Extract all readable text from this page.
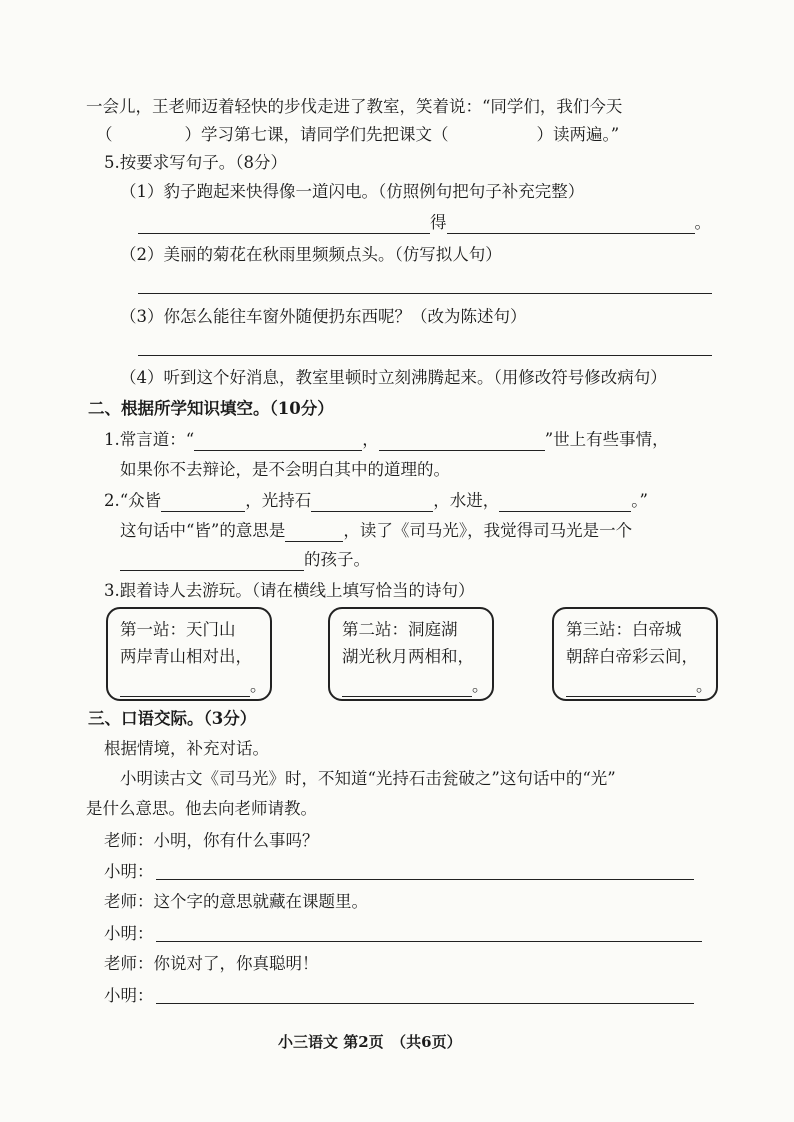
一会儿，王老师迈着轻快的步伐走进了教室，笑着说：“同学们，我们今天
（	）学习第七课，请同学们先把课文（	）读两遍。”
5.按要求写句子。（8分）
（1）豹子跑起来快得像一道闪电。（仿照例句把句子补充完整）
得	。
（2）美丽的菊花在秋雨里频频点头。（仿写拟人句）
（3）你怎么能往车窗外随便扔东西呢？（改为陈述句）
（4）听到这个好消息，教室里顿时立刻沸腾起来。（用修改符号修改病句）
二、根据所学知识填空。（10分）
1.常言道：“	，	”世上有些事情，
如果你不去辩论，是不会明白其中的道理的。
2.“众皆	，光持石	，水进，	。”
这句话中“皆”的意思是	，读了《司马光》，我觉得司马光是一个
的孩子。
3.跟着诗人去游玩。（请在横线上填写恰当的诗句）
第一站：天门山
两岸青山相对出，
。
第二站：洞庭湖
湖光秋月两相和，
。
第三站：白帝城
朝辞白帝彩云间，
。
三、口语交际。（3分）
根据情境，补充对话。
小明读古文《司马光》时，不知道“光持石击瓮破之”这句话中的“光”
是什么意思。他去向老师请教。
老师：小明，你有什么事吗？
小明：
老师：这个字的意思就藏在课题里。
小明：
老师：你说对了，你真聪明！
小明：
小三语文 第2页　（共6页）
